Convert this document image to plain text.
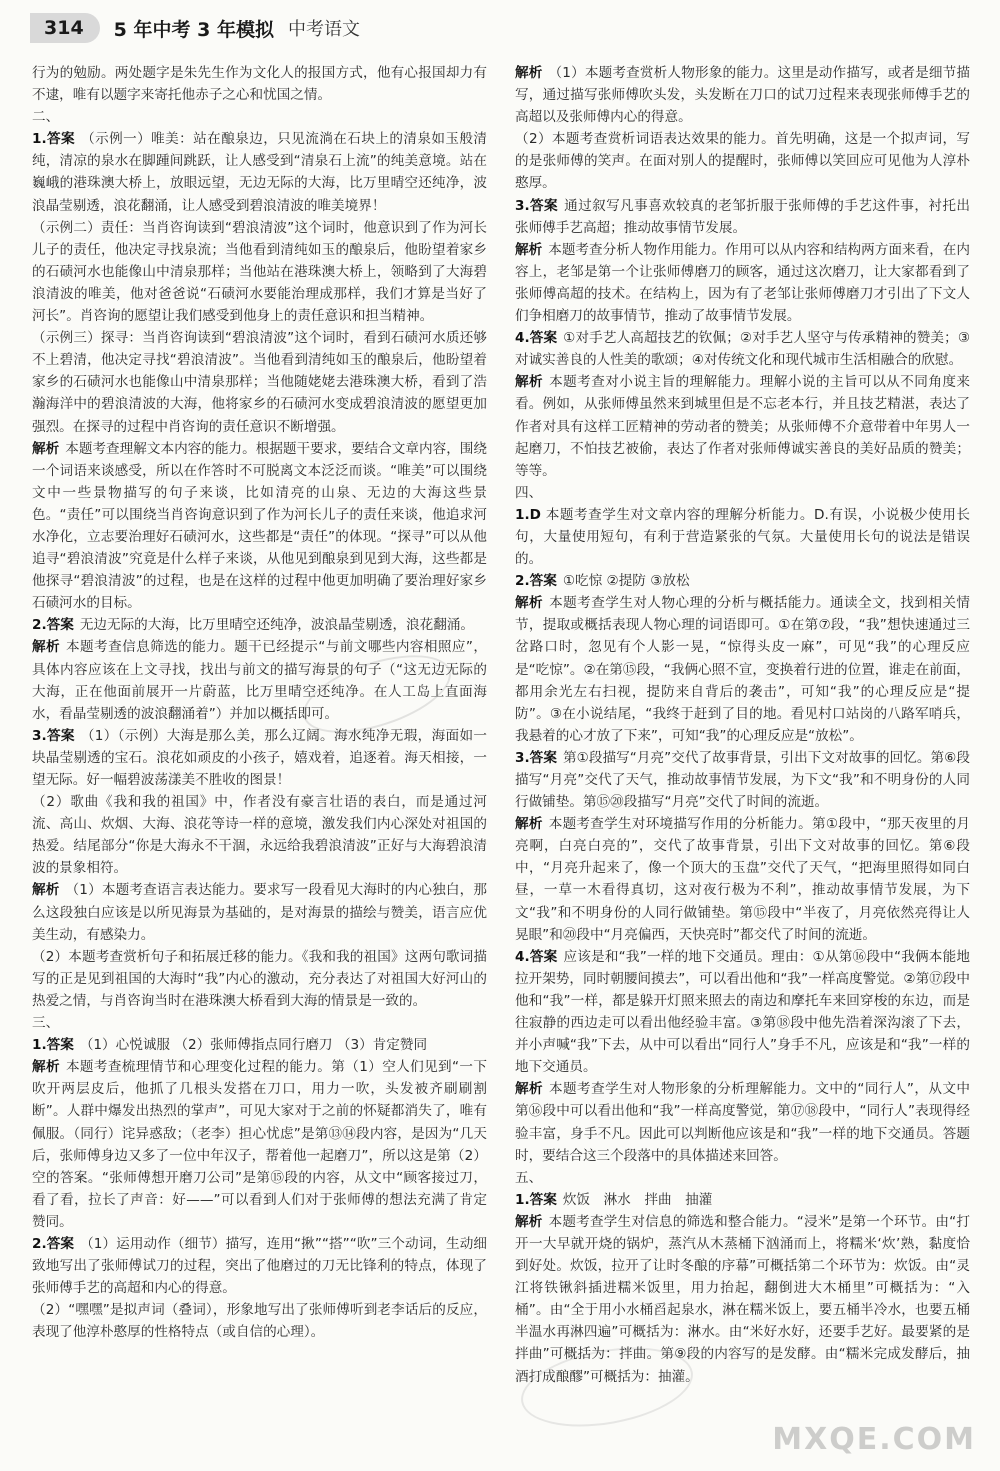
314	5 年中考 3 年模拟 中考语文

行为的勉励。两处题字是朱先生作为文化人的报国方式，他有心报国却力有不逮，唯有以题字来寄托他赤子之心和忧国之情。

二、

1.答案 （示例一）唯美：站在酿泉边，只见流淌在石块上的清泉如玉般清纯，清凉的泉水在脚踵间跳跃，让人感受到“清泉石上流”的纯美意境。站在巍峨的港珠澳大桥上，放眼远望，无边无际的大海，比万里晴空还纯净，波浪晶莹剔透，浪花翻涌，让人感受到碧浪清波的唯美境界！

（示例二）责任：当肖咨询读到“碧浪清波”这个词时，他意识到了作为河长儿子的责任，他决定寻找泉流；当他看到清纯如玉的酿泉后，他盼望着家乡的石碛河水也能像山中清泉那样；当他站在港珠澳大桥上，领略到了大海碧浪清波的唯美，他对爸爸说“石碛河水要能治理成那样，我们才算是当好了河长”。肖咨询的愿望让我们感受到他身上的责任意识和担当精神。

（示例三）探寻：当肖咨询读到“碧浪清波”这个词时，看到石碛河水质还够不上碧清，他决定寻找“碧浪清波”。当他看到清纯如玉的酿泉后，他盼望着家乡的石碛河水也能像山中清泉那样；当他随姥姥去港珠澳大桥，看到了浩瀚海洋中的碧浪清波的大海，他将家乡的石碛河水变成碧浪清波的愿望更加强烈。在探寻的过程中肖咨询的责任意识不断增强。

解析 本题考查理解文本内容的能力。根据题干要求，要结合文章内容，围绕一个词语来谈感受，所以在作答时不可脱离文本泛泛而谈。“唯美”可以围绕文中一些景物描写的句子来谈，比如清亮的山泉、无边的大海这些景色。“责任”可以围绕当肖咨询意识到了作为河长儿子的责任来谈，他追求河水净化，立志要治理好石碛河水，这些都是“责任”的体现。“探寻”可以从他追寻“碧浪清波”究竟是什么样子来谈，从他见到酿泉到见到大海，这些都是他探寻“碧浪清波”的过程，也是在这样的过程中他更加明确了要治理好家乡石碛河水的目标。

2.答案 无边无际的大海，比万里晴空还纯净，波浪晶莹剔透，浪花翻涌。

解析 本题考查信息筛选的能力。题干已经提示“与前文哪些内容相照应”，具体内容应该在上文寻找，找出与前文的描写海景的句子（“这无边无际的大海，正在他面前展开一片蔚蓝，比万里晴空还纯净。在人工岛上直面海水，看晶莹剔透的波浪翻涌着”）并加以概括即可。

3.答案 （1）（示例）大海是那么美，那么辽阔。海水纯净无瑕，海面如一块晶莹剔透的宝石。浪花如顽皮的小孩子，嬉戏着，追逐着。海天相接，一望无际。好一幅碧波荡漾美不胜收的图景！

（2）歌曲《我和我的祖国》中，作者没有豪言壮语的表白，而是通过河流、高山、炊烟、大海、浪花等诗一样的意境，激发我们内心深处对祖国的热爱。结尾部分“你是大海永不干涸，永远给我碧浪清波”正好与大海碧浪清波的景象相符。

解析 （1）本题考查语言表达能力。要求写一段看见大海时的内心独白，那么这段独白应该是以所见海景为基础的，是对海景的描绘与赞美，语言应优美生动，有感染力。

（2）本题考查赏析句子和拓展迁移的能力。《我和我的祖国》这两句歌词描写的正是见到祖国的大海时“我”内心的激动，充分表达了对祖国大好河山的热爱之情，与肖咨询当时在港珠澳大桥看到大海的情景是一致的。

三、

1.答案 （1）心悦诚服 （2）张师傅指点同行磨刀 （3）肯定赞同

解析 本题考查梳理情节和心理变化过程的能力。第（1）空人们见到“一下吹开两层皮后，他抓了几根头发搭在刀口，用力一吹，头发被齐刷刷割断”。人群中爆发出热烈的掌声”，可见大家对于之前的怀疑都消失了，唯有佩服。（同行）诧异惑敌；（老李）担心忧虑”是第⑬⑭段内容，是因为“几天后，张师傅身边又多了一位中年汉子，帮着他一起磨刀”，所以这是第（2）空的答案。“张师傅想开磨刀公司”是第⑮段的内容，从文中“顾客接过刀，看了看，拉长了声音：好——”可以看到人们对于张师傅的想法充满了肯定赞同。

2.答案 （1）运用动作（细节）描写，连用“揪”“搭”“吹”三个动词，生动细致地写出了张师傅试刀的过程，突出了他磨过的刀无比锋利的特点，体现了张师傅手艺的高超和内心的得意。

（2）“嘿嘿”是拟声词（叠词），形象地写出了张师傅听到老李话后的反应，表现了他淳朴憨厚的性格特点（或自信的心理）。

解析 （1）本题考查赏析人物形象的能力。这里是动作描写，或者是细节描写，通过描写张师傅吹头发，头发断在刀口的试刀过程来表现张师傅手艺的高超以及张师傅内心的得意。

（2）本题考查赏析词语表达效果的能力。首先明确，这是一个拟声词，写的是张师傅的笑声。在面对别人的提醒时，张师傅以笑回应可见他为人淳朴憨厚。

3.答案 通过叙写凡事喜欢较真的老邹折服于张师傅的手艺这件事，衬托出张师傅手艺高超；推动故事情节发展。

解析 本题考查分析人物作用能力。作用可以从内容和结构两方面来看，在内容上，老邹是第一个让张师傅磨刀的顾客，通过这次磨刀，让大家都看到了张师傅高超的技术。在结构上，因为有了老邹让张师傅磨刀才引出了下文人们争相磨刀的故事情节，推动了故事情节发展。

4.答案 ①对手艺人高超技艺的钦佩；②对手艺人坚守与传承精神的赞美；③对诚实善良的人性美的歌颂；④对传统文化和现代城市生活相融合的欣慰。

解析 本题考查对小说主旨的理解能力。理解小说的主旨可以从不同角度来看。例如，从张师傅虽然来到城里但是不忘老本行，并且技艺精湛，表达了作者对具有这样工匠精神的劳动者的赞美；从张师傅不介意带着中年男人一起磨刀，不怕技艺被偷，表达了作者对张师傅诚实善良的美好品质的赞美；等等。

四、

1.D 本题考查学生对文章内容的理解分析能力。D.有误，小说极少使用长句，大量使用短句，有利于营造紧张的气氛。大量使用长句的说法是错误的。

2.答案 ①吃惊 ②提防 ③放松

解析 本题考查学生对人物心理的分析与概括能力。通读全文，找到相关情节，提取或概括表现人物心理的词语即可。①在第⑦段，“我”想快速通过三岔路口时，忽见有个人影一晃，“惊得头皮一麻”，可见“我”的心理反应是“吃惊”。②在第⑮段，“我俩心照不宣，变换着行进的位置，谁走在前面，都用余光左右扫视，提防来自背后的袭击”，可知“我”的心理反应是“提防”。③在小说结尾，“我终于赶到了目的地。看见村口站岗的八路军哨兵，我悬着的心才放了下来”，可知“我”的心理反应是“放松”。

3.答案 第①段描写“月亮”交代了故事背景，引出下文对故事的回忆。第⑥段描写“月亮”交代了天气，推动故事情节发展，为下文“我”和不明身份的人同行做铺垫。第⑮⑳段描写“月亮”交代了时间的流逝。

解析 本题考查学生对环境描写作用的分析能力。第①段中，“那天夜里的月亮啊，白亮白亮的”，交代了故事背景，引出下文对故事的回忆。第⑥段中，“月亮升起来了，像一个顶大的玉盘”交代了天气，“把海里照得如同白昼，一草一木看得真切，这对夜行极为不利”，推动故事情节发展，为下文“我”和不明身份的人同行做铺垫。第⑮段中“半夜了，月亮依然亮得让人晃眼”和⑳段中“月亮偏西，天快亮时”都交代了时间的流逝。

4.答案 应该是和“我”一样的地下交通员。理由：①从第⑯段中“我俩本能地拉开架势，同时朝腰间摸去”，可以看出他和“我”一样高度警觉。②第⑰段中他和“我”一样，都是躲开灯照来照去的南边和摩托车来回穿梭的东边，而是往寂静的西边走可以看出他经验丰富。③第⑱段中他先浩着深沟滚了下去，并小声喊“我”下去，从中可以看出“同行人”身手不凡，应该是和“我”一样的地下交通员。

解析 本题考查学生对人物形象的分析理解能力。文中的“同行人”，从文中第⑯段中可以看出他和“我”一样高度警觉，第⑰⑱段中，“同行人”表现得经验丰富，身手不凡。因此可以判断他应该是和“我”一样的地下交通员。答题时，要结合这三个段落中的具体描述来回答。

五、

1.答案 炊饭　淋水　拌曲　抽灌

解析 本题考查学生对信息的筛选和整合能力。“浸米”是第一个环节。由“打开一大早就开烧的锅炉，蒸汽从木蒸桶下汹涌而上，将糯米‘炊’熟，黏度恰到好处。炊饭，拉开了让时冬酿的序幕”可概括第二个环节为：炊饭。由“灵江将铁锹斜插进糯米饭里，用力抬起，翻倒进大木桶里”可概括为：“入桶”。由“全于用小水桶舀起泉水，淋在糯米饭上，要五桶半冷水，也要五桶半温水再淋四遍”可概括为：淋水。由“米好水好，还要手艺好。最要紧的是拌曲”可概括为：拌曲。第⑨段的内容写的是发酵。由“糯米完成发酵后，抽酒打成酿醪”可概括为：抽灌。

MXQE.COM
